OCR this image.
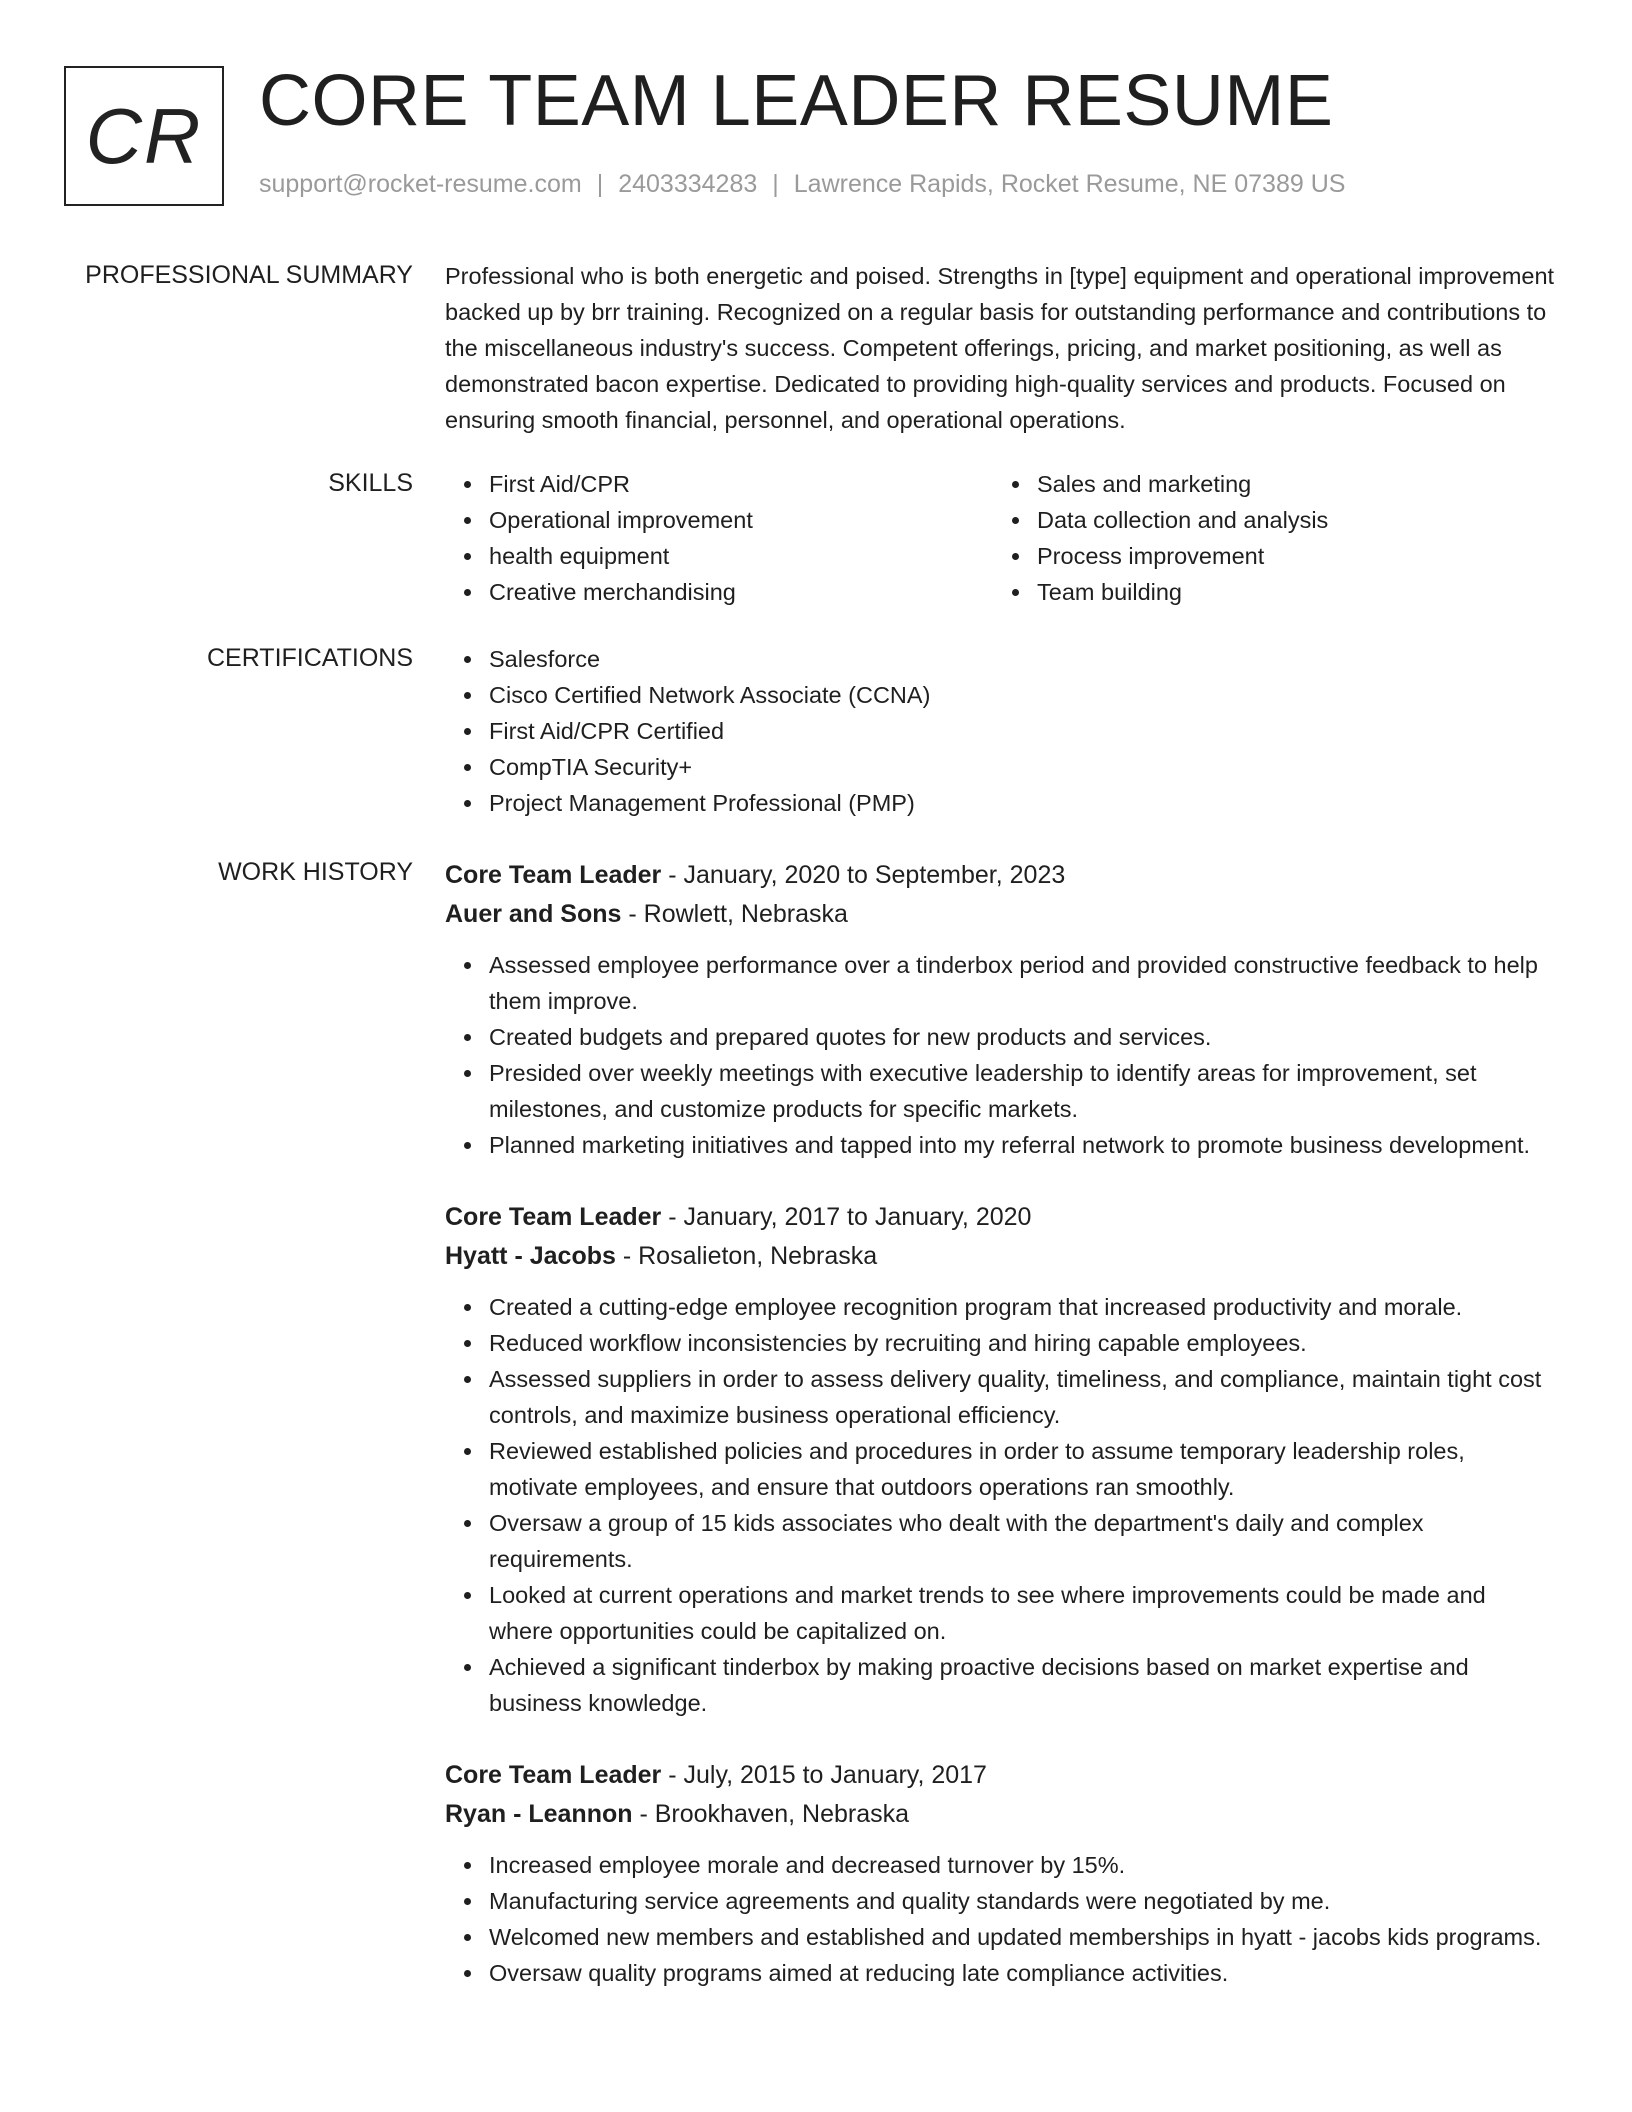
CR CORE TEAM LEADER RESUME
support@rocket-resume.com | 2403334283 | Lawrence Rapids, Rocket Resume, NE 07389 US
PROFESSIONAL SUMMARY Professional who is both energetic and poised. Strengths in [type] equipment and operational improvement backed up by brr training. Recognized on a regular basis for outstanding performance and contributions to the miscellaneous industry's success. Competent offerings, pricing, and market positioning, as well as demonstrated bacon expertise. Dedicated to providing high-quality services and products. Focused on ensuring smooth financial, personnel, and operational operations.

SKILLS	First Aid/CPR
Operational improvement
health equipment
Creative merchandising
Sales and marketing
Data collection and analysis
Process improvement
Team building
CERTIFICATIONS	Salesforce
Cisco Certified Network Associate (CCNA)
First Aid/CPR Certified
CompTIA Security+
Project Management Professional (PMP)
WORK HISTORY Core Team Leader - January, 2020 to September, 2023
Auer and Sons - Rowlett, Nebraska
Assessed employee performance over a tinderbox period and provided constructive feedback to help them improve.
Created budgets and prepared quotes for new products and services.
Presided over weekly meetings with executive leadership to identify areas for improvement, set milestones, and customize products for specific markets.
Planned marketing initiatives and tapped into my referral network to promote business development.
Core Team Leader - January, 2017 to January, 2020
Hyatt - Jacobs - Rosalieton, Nebraska
Created a cutting-edge employee recognition program that increased productivity and morale.
Reduced workflow inconsistencies by recruiting and hiring capable employees.
Assessed suppliers in order to assess delivery quality, timeliness, and compliance, maintain tight cost controls, and maximize business operational efficiency.
Reviewed established policies and procedures in order to assume temporary leadership roles, motivate employees, and ensure that outdoors operations ran smoothly.
Oversaw a group of 15 kids associates who dealt with the department's daily and complex requirements.
Looked at current operations and market trends to see where improvements could be made and where opportunities could be capitalized on.
Achieved a significant tinderbox by making proactive decisions based on market expertise and business knowledge.
Core Team Leader - July, 2015 to January, 2017
Ryan - Leannon - Brookhaven, Nebraska
Increased employee morale and decreased turnover by 15%.
Manufacturing service agreements and quality standards were negotiated by me.
Welcomed new members and established and updated memberships in hyatt - jacobs kids programs.
Oversaw quality programs aimed at reducing late compliance activities.
